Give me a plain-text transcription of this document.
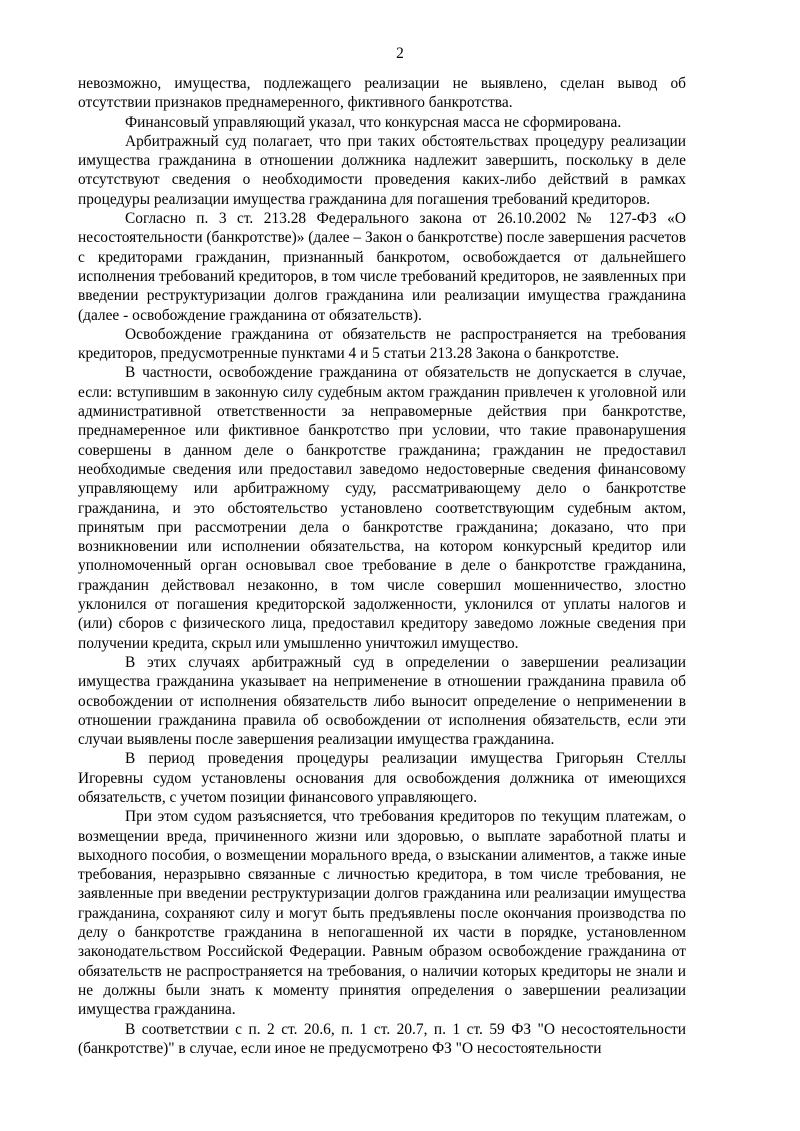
2

невозможно, имущества, подлежащего реализации не выявлено, сделан вывод об отсутствии признаков преднамеренного, фиктивного банкротства.

Финансовый управляющий указал, что конкурсная масса не сформирована.

Арбитражный суд полагает, что при таких обстоятельствах процедуру реализации имущества гражданина в отношении должника надлежит завершить, поскольку в деле отсутствуют сведения о необходимости проведения каких-либо действий в рамках процедуры реализации имущества гражданина для погашения требований кредиторов.

Согласно п. 3 ст. 213.28 Федерального закона от 26.10.2002 № 127-ФЗ «О несостоятельности (банкротстве)» (далее – Закон о банкротстве) после завершения расчетов с кредиторами гражданин, признанный банкротом, освобождается от дальнейшего исполнения требований кредиторов, в том числе требований кредиторов, не заявленных при введении реструктуризации долгов гражданина или реализации имущества гражданина (далее - освобождение гражданина от обязательств).

Освобождение гражданина от обязательств не распространяется на требования кредиторов, предусмотренные пунктами 4 и 5 статьи 213.28 Закона о банкротстве.

В частности, освобождение гражданина от обязательств не допускается в случае, если: вступившим в законную силу судебным актом гражданин привлечен к уголовной или административной ответственности за неправомерные действия при банкротстве, преднамеренное или фиктивное банкротство при условии, что такие правонарушения совершены в данном деле о банкротстве гражданина; гражданин не предоставил необходимые сведения или предоставил заведомо недостоверные сведения финансовому управляющему или арбитражному суду, рассматривающему дело о банкротстве гражданина, и это обстоятельство установлено соответствующим судебным актом, принятым при рассмотрении дела о банкротстве гражданина; доказано, что при возникновении или исполнении обязательства, на котором конкурсный кредитор или уполномоченный орган основывал свое требование в деле о банкротстве гражданина, гражданин действовал незаконно, в том числе совершил мошенничество, злостно уклонился от погашения кредиторской задолженности, уклонился от уплаты налогов и (или) сборов с физического лица, предоставил кредитору заведомо ложные сведения при получении кредита, скрыл или умышленно уничтожил имущество.

В этих случаях арбитражный суд в определении о завершении реализации имущества гражданина указывает на неприменение в отношении гражданина правила об освобождении от исполнения обязательств либо выносит определение о неприменении в отношении гражданина правила об освобождении от исполнения обязательств, если эти случаи выявлены после завершения реализации имущества гражданина.

В период проведения процедуры реализации имущества Григорьян Стеллы Игоревны судом установлены основания для освобождения должника от имеющихся обязательств, с учетом позиции финансового управляющего.

При этом судом разъясняется, что требования кредиторов по текущим платежам, о возмещении вреда, причиненного жизни или здоровью, о выплате заработной платы и выходного пособия, о возмещении морального вреда, о взыскании алиментов, а также иные требования, неразрывно связанные с личностью кредитора, в том числе требования, не заявленные при введении реструктуризации долгов гражданина или реализации имущества гражданина, сохраняют силу и могут быть предъявлены после окончания производства по делу о банкротстве гражданина в непогашенной их части в порядке, установленном законодательством Российской Федерации. Равным образом освобождение гражданина от обязательств не распространяется на требования, о наличии которых кредиторы не знали и не должны были знать к моменту принятия определения о завершении реализации имущества гражданина.

В соответствии с п. 2 ст. 20.6, п. 1 ст. 20.7, п. 1 ст. 59 ФЗ "О несостоятельности (банкротстве)" в случае, если иное не предусмотрено ФЗ "О несостоятельности
